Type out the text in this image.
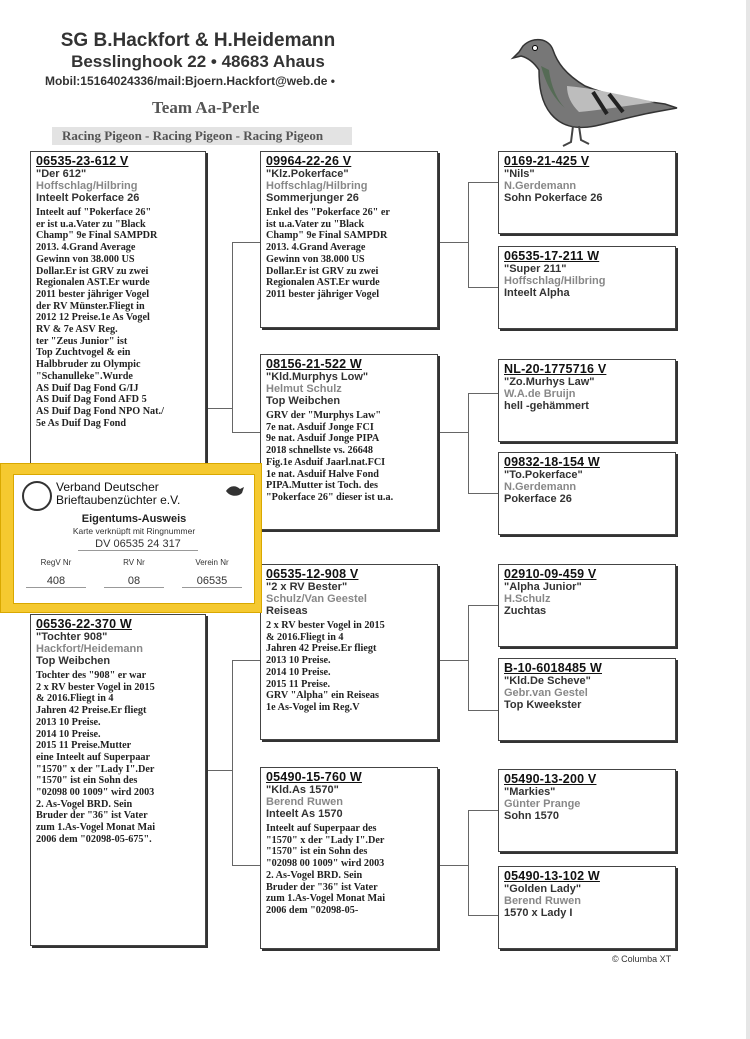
SG B.Hackfort & H.Heidemann
Besslinghook 22 • 48683 Ahaus
Mobil:15164024336/mail:Bjoern.Hackfort@web.de •
Team Aa-Perle
Racing Pigeon - Racing Pigeon - Racing Pigeon
06535-23-612 V
"Der 612"
Hoffschlag/Hilbring
Inteelt Pokerface 26
Inteelt auf "Pokerface 26"
er ist u.a.Vater zu "Black
Champ" 9e Final SAMPDR
2013. 4.Grand Average
Gewinn von 38.000 US
Dollar.Er ist GRV zu zwei
Regionalen AST.Er wurde
2011 bester jähriger Vogel
der RV Münster.Fliegt in
2012 12 Preise.1e As Vogel
RV & 7e ASV Reg.
ter "Zeus Junior" ist
Top Zuchtvogel & ein
Halbbruder zu Olympic
"Schanulleke".Wurde
AS Duif Dag Fond G/IJ
AS Duif Dag Fond AFD 5
AS Duif Dag Fond NPO Nat./
5e As Duif Dag Fond
09964-22-26 V
"Klz.Pokerface"
Hoffschlag/Hilbring
Sommerjunger 26
Enkel des "Pokerface 26" er
ist u.a.Vater zu "Black
Champ" 9e Final SAMPDR
2013. 4.Grand Average
Gewinn von 38.000 US
Dollar.Er ist GRV zu zwei
Regionalen AST.Er wurde
2011 bester jähriger Vogel
08156-21-522 W
"Kld.Murphys Low"
Helmut Schulz
Top Weibchen
GRV der "Murphys Law"
7e nat. Asduif Jonge FCI
9e nat. Asduif Jonge PIPA
2018 schnellste vs. 26648
Fig.1e Asduif Jaarl.nat.FCI
1e nat. Asduif Halve Fond
PIPA.Mutter ist Toch. des
"Pokerface 26" dieser ist u.a.
0169-21-425 V
"Nils"
N.Gerdemann
Sohn Pokerface 26
06535-17-211 W
"Super 211"
Hoffschlag/Hilbring
Inteelt Alpha
NL-20-1775716 V
"Zo.Murhys Law"
W.A.de Bruijn
hell -gehämmert
09832-18-154 W
"To.Pokerface"
N.Gerdemann
Pokerface 26
06536-22-370 W
"Tochter 908"
Hackfort/Heidemann
Top Weibchen
Tochter des "908" er war
2 x RV bester Vogel in 2015
& 2016.Fliegt in 4
Jahren 42 Preise.Er fliegt
2013 10 Preise.
2014 10 Preise.
2015 11 Preise.Mutter
eine Inteelt auf Superpaar
"1570" x der "Lady I".Der
"1570" ist ein Sohn des
"02098 00 1009" wird 2003
2. As-Vogel BRD. Sein
Bruder der "36" ist Vater
zum 1.As-Vogel Monat Mai
2006 dem "02098-05-675".
06535-12-908 V
"2 x RV Bester"
Schulz/Van Geestel
Reiseas
2 x RV bester Vogel in 2015
& 2016.Fliegt in 4
Jahren 42 Preise.Er fliegt
2013 10 Preise.
2014 10 Preise.
2015 11 Preise.
GRV "Alpha" ein Reiseas
1e As-Vogel im Reg.V
05490-15-760 W
"Kld.As 1570"
Berend Ruwen
Inteelt As 1570
Inteelt auf Superpaar des
"1570" x der "Lady I".Der
"1570" ist ein Sohn des
"02098 00 1009" wird 2003
2. As-Vogel BRD. Sein
Bruder der "36" ist Vater
zum 1.As-Vogel Monat Mai
2006 dem "02098-05-
02910-09-459 V
"Alpha Junior"
H.Schulz
Zuchtas
B-10-6018485 W
"Kld.De Scheve"
Gebr.van Gestel
Top Kweekster
05490-13-200 V
"Markies"
Günter Prange
Sohn 1570
05490-13-102 W
"Golden Lady"
Berend Ruwen
1570 x Lady I
Verband Deutscher Brieftaubenzüchter e.V.
Eigentums-Ausweis
Karte verknüpft mit Ringnummer
DV 06535 24 317
RegV Nr	RV Nr	Verein Nr
408	08	06535
© Columba XT
